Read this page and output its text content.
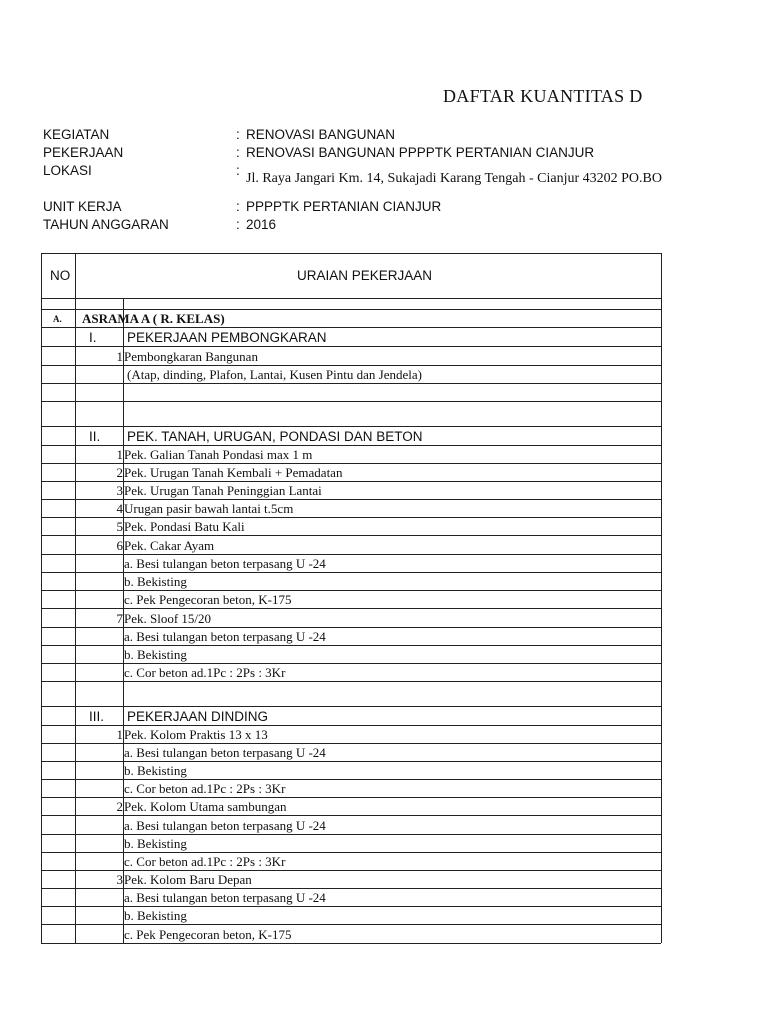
DAFTAR KUANTITAS D
KEGIATAN	: RENOVASI BANGUNAN
PEKERJAAN	: RENOVASI BANGUNAN PPPPTK PERTANIAN CIANJUR
LOKASI	:
Jl. Raya Jangari Km. 14, Sukajadi Karang Tengah - Cianjur 43202 PO.BO
UNIT KERJA	: PPPPTK PERTANIAN CIANJUR
TAHUN ANGGARAN	: 2016
NO	URAIAN PEKERJAAN
A. ASRAMA A ( R. KELAS)
I. PEKERJAAN PEMBONGKARAN
1 Pembongkaran Bangunan
(Atap, dinding, Plafon, Lantai, Kusen Pintu dan Jendela)
II. PEK. TANAH, URUGAN, PONDASI DAN BETON
1 Pek. Galian Tanah Pondasi max 1 m
2 Pek. Urugan Tanah Kembali + Pemadatan
3 Pek. Urugan Tanah Peninggian Lantai
4 Urugan pasir bawah lantai t.5cm
5 Pek. Pondasi Batu Kali
6 Pek. Cakar Ayam
a. Besi tulangan beton terpasang U -24
b. Bekisting
c. Pek Pengecoran beton, K-175
7 Pek. Sloof 15/20
a. Besi tulangan beton terpasang U -24
b. Bekisting
c. Cor beton ad.1Pc : 2Ps : 3Kr
III. PEKERJAAN DINDING
1 Pek. Kolom Praktis 13 x 13
a. Besi tulangan beton terpasang U -24
b. Bekisting
c. Cor beton ad.1Pc : 2Ps : 3Kr
2 Pek. Kolom Utama sambungan
a. Besi tulangan beton terpasang U -24
b. Bekisting
c. Cor beton ad.1Pc : 2Ps : 3Kr
3 Pek. Kolom Baru Depan
a. Besi tulangan beton terpasang U -24
b. Bekisting
c. Pek Pengecoran beton, K-175
